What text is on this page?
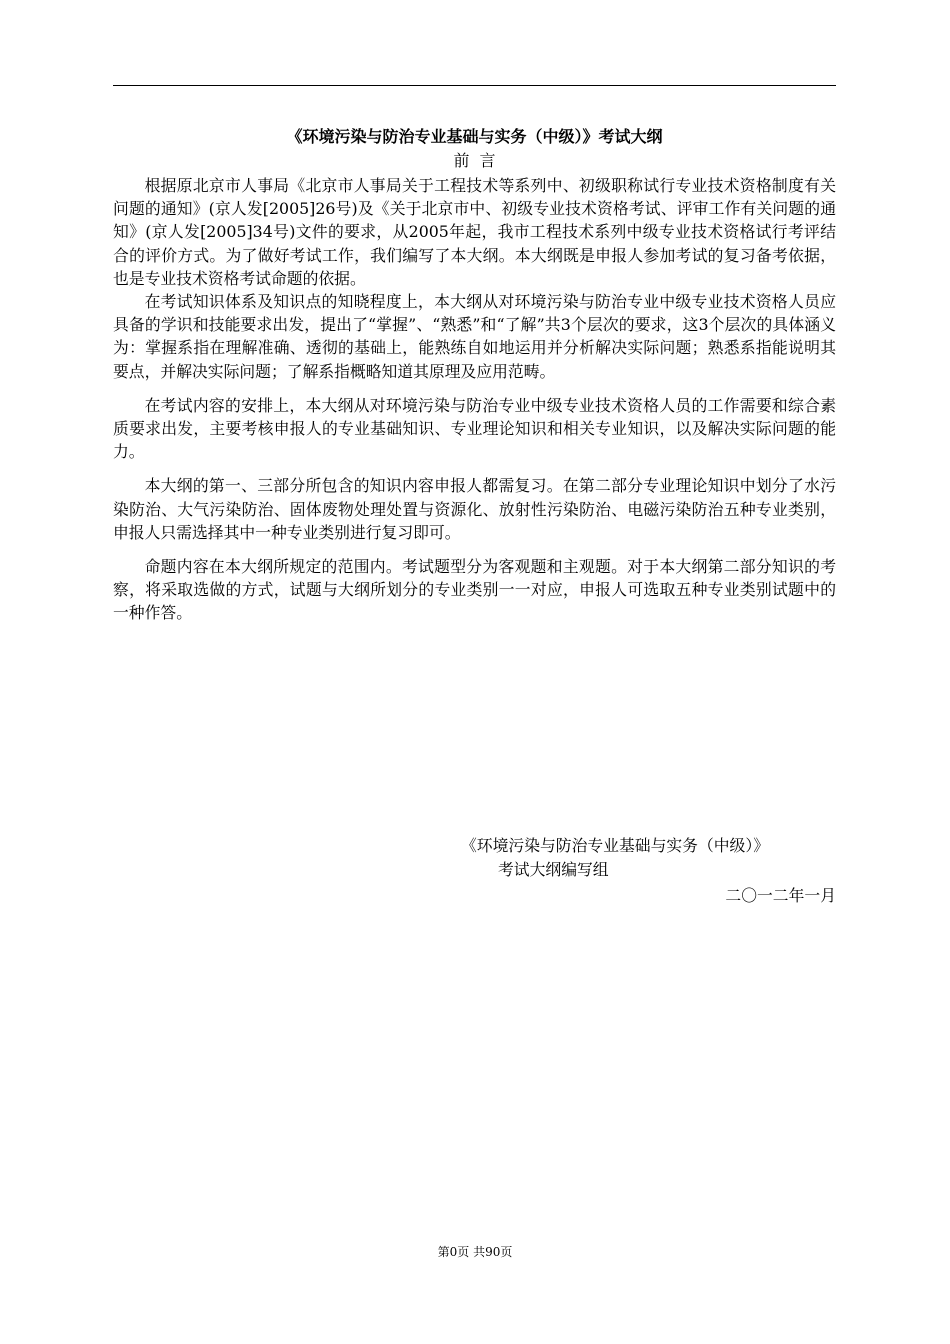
《环境污染与防治专业基础与实务（中级）》考试大纲
前言

根据原北京市人事局《北京市人事局关于工程技术等系列中、初级职称试行专业技术资格制度有关问题的通知》(京人发[2005]26号)及《关于北京市中、初级专业技术资格考试、评审工作有关问题的通知》(京人发[2005]34号)文件的要求，从2005年起，我市工程技术系列中级专业技术资格试行考评结合的评价方式。为了做好考试工作，我们编写了本大纲。本大纲既是申报人参加考试的复习备考依据，也是专业技术资格考试命题的依据。

在考试知识体系及知识点的知晓程度上，本大纲从对环境污染与防治专业中级专业技术资格人员应具备的学识和技能要求出发，提出了“掌握”、“熟悉”和“了解”共3个层次的要求，这3个层次的具体涵义为：掌握系指在理解准确、透彻的基础上，能熟练自如地运用并分析解决实际问题；熟悉系指能说明其要点，并解决实际问题；了解系指概略知道其原理及应用范畴。

在考试内容的安排上，本大纲从对环境污染与防治专业中级专业技术资格人员的工作需要和综合素质要求出发，主要考核申报人的专业基础知识、专业理论知识和相关专业知识，以及解决实际问题的能力。

本大纲的第一、三部分所包含的知识内容申报人都需复习。在第二部分专业理论知识中划分了水污染防治、大气污染防治、固体废物处理处置与资源化、放射性污染防治、电磁污染防治五种专业类别，申报人只需选择其中一种专业类别进行复习即可。

命题内容在本大纲所规定的范围内。考试题型分为客观题和主观题。对于本大纲第二部分知识的考察，将采取选做的方式，试题与大纲所划分的专业类别一一对应，申报人可选取五种专业类别试题中的一种作答。

《环境污染与防治专业基础与实务（中级）》
考试大纲编写组
二〇一二年一月
第0页 共90页
